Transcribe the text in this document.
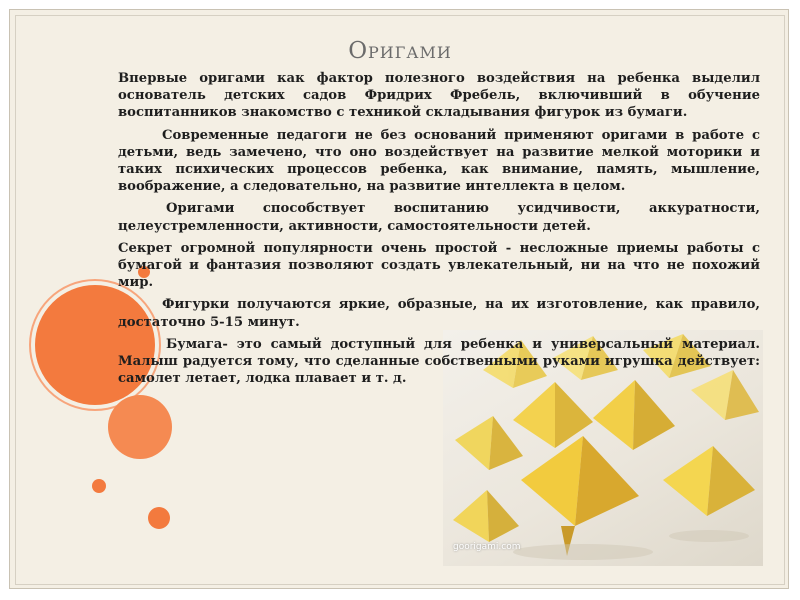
Оригами
goorigami.com

Впервые оригами как фактор полезного воздействия на ребенка выделил основатель детских садов Фридрих Фребель, включивший в обучение воспитанников знакомство с техникой складывания фигурок из бумаги.

Современные педагоги не без оснований применяют оригами в работе с детьми, ведь замечено, что оно воздействует на развитие мелкой моторики и таких психических процессов ребенка, как внимание, память, мышление, воображение, а следовательно, на развитие интеллекта в целом.

Оригами способствует воспитанию усидчивости, аккуратности, целеустремленности, активности, самостоятельности детей.

Секрет огромной популярности очень простой - несложные приемы работы с бумагой и фантазия позволяют создать увлекательный, ни на что не похожий мир.

Фигурки получаются яркие, образные, на их изготовление, как правило, достаточно 5-15 минут.

Бумага- это самый доступный для ребенка и универсальный материал. Малыш радуется тому, что сделанные собственными руками игрушка действует: самолет летает, лодка плавает и т. д.
